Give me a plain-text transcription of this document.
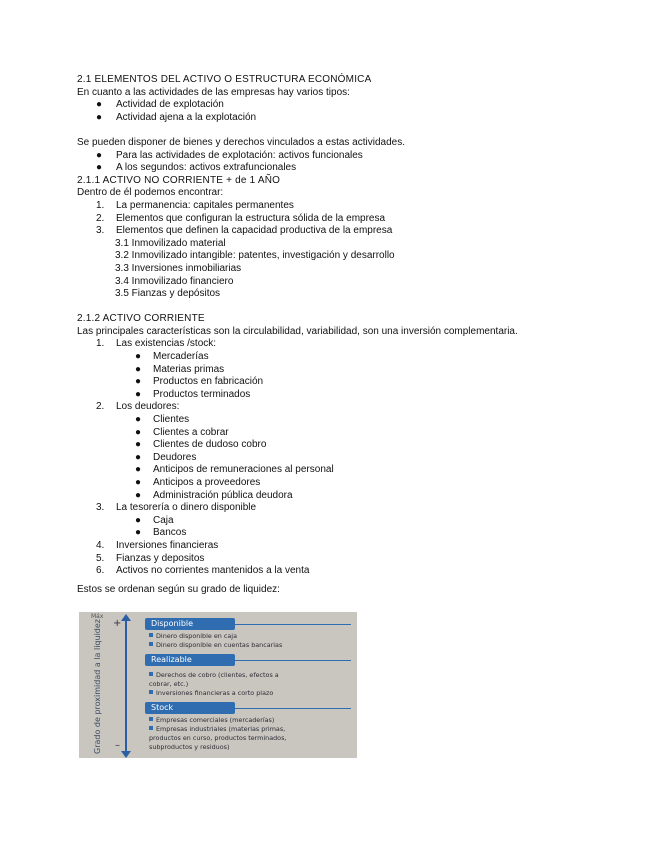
2.1 ELEMENTOS DEL ACTIVO O ESTRUCTURA ECONÓMICA
En cuanto a las actividades de las empresas hay varios tipos:
● Actividad de explotación
● Actividad ajena a la explotación
Se pueden disponer de bienes y derechos vinculados a estas actividades.
● Para las actividades de explotación: activos funcionales
● A los segundos: activos extrafuncionales
2.1.1 ACTIVO NO CORRIENTE + de 1 AÑO
Dentro de él podemos encontrar:
1. La permanencia: capitales permanentes
2. Elementos que configuran la estructura sólida de la empresa
3. Elementos que definen la capacidad productiva de la empresa
3.1 Inmovilizado material
3.2 Inmovilizado intangible: patentes, investigación y desarrollo
3.3 Inversiones inmobiliarias
3.4 Inmovilizado financiero
3.5 Fianzas y depósitos
2.1.2 ACTIVO CORRIENTE
Las principales características son la circulabilidad, variabilidad, son una inversión complementaria.
1. Las existencias /stock:
● Mercaderías
● Materias primas
● Productos en fabricación
● Productos terminados
2. Los deudores:
● Clientes
● Clientes a cobrar
● Clientes de dudoso cobro
● Deudores
● Anticipos de remuneraciones al personal
● Anticipos a proveedores
● Administración pública deudora
3. La tesorería o dinero disponible
● Caja
● Bancos
4. Inversiones financieras
5. Fianzas y depositos
6. Activos no corrientes mantenidos a la venta
Estos se ordenan según su grado de liquidez:
Máx
Grado de proximidad a la liquidez	+
–
Disponible
Dinero disponible en caja
Dinero disponible en cuentas bancarias
Realizable
Derechos de cobro (clientes, efectos a
cobrar, etc.)
Inversiones financieras a corto plazo
Stock
Empresas comerciales (mercaderías)
Empresas industriales (materias primas,
productos en curso, productos terminados,
subproductos y residuos)
